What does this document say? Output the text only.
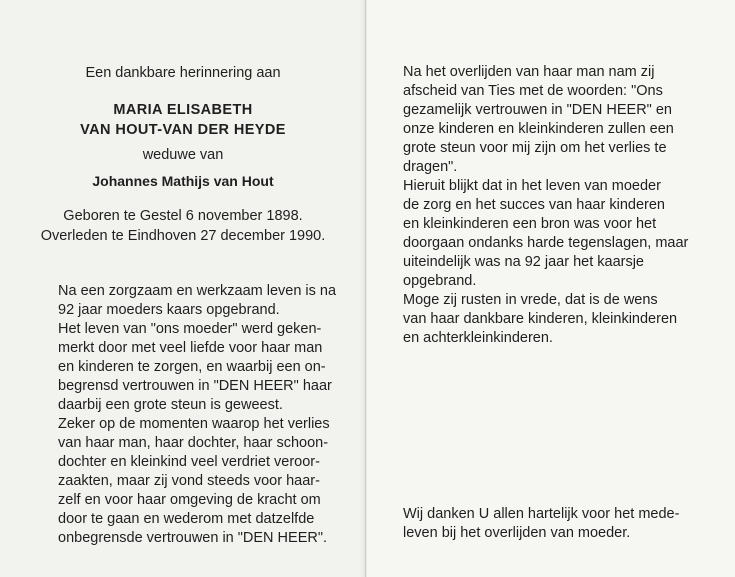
Een dankbare herinnering aan
MARIA ELISABETH
VAN HOUT-VAN DER HEYDE
weduwe van
Johannes Mathijs van Hout
Geboren te Gestel 6 november 1898.
Overleden te Eindhoven 27 december 1990.
Na een zorgzaam en werkzaam leven is na
92 jaar moeders kaars opgebrand.
Het leven van "ons moeder" werd geken-
merkt door met veel liefde voor haar man
en kinderen te zorgen, en waarbij een on-
begrensd vertrouwen in "DEN HEER" haar
daarbij een grote steun is geweest.
Zeker op de momenten waarop het verlies
van haar man, haar dochter, haar schoon-
dochter en kleinkind veel verdriet veroor-
zaakten, maar zij vond steeds voor haar-
zelf en voor haar omgeving de kracht om
door te gaan en wederom met datzelfde
onbegrensde vertrouwen in "DEN HEER".
Na het overlijden van haar man nam zij
afscheid van Ties met de woorden: "Ons
gezamelijk vertrouwen in "DEN HEER" en
onze kinderen en kleinkinderen zullen een
grote steun voor mij zijn om het verlies te
dragen".
Hieruit blijkt dat in het leven van moeder
de zorg en het succes van haar kinderen
en kleinkinderen een bron was voor het
doorgaan ondanks harde tegenslagen, maar
uiteindelijk was na 92 jaar het kaarsje
opgebrand.
Moge zij rusten in vrede, dat is de wens
van haar dankbare kinderen, kleinkinderen
en achterkleinkinderen.
Wij danken U allen hartelijk voor het mede-
leven bij het overlijden van moeder.
